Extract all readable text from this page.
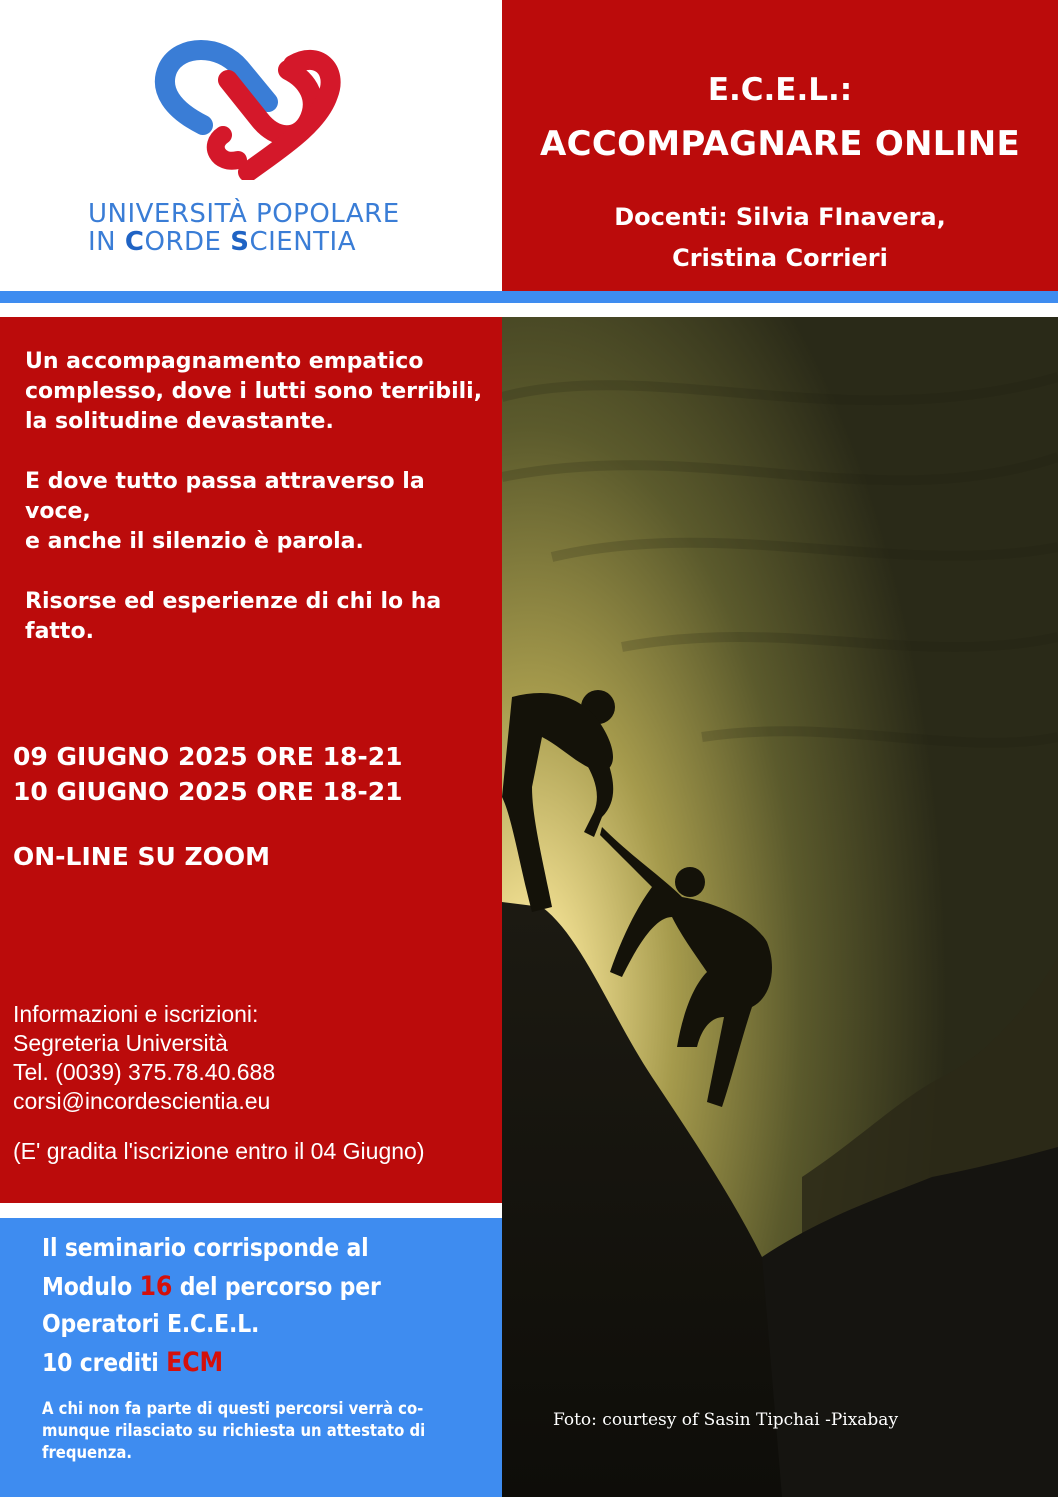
UNIVERSITÀ POPOLARE
IN CORDE SCIENTIA
E.C.E.L.:
ACCOMPAGNARE ONLINE
Docenti: Silvia FInavera,
Cristina Corrieri
Un accompagnamento empatico
complesso, dove i lutti sono terribili,
la solitudine devastante.
E dove tutto passa attraverso la
voce,
e anche il silenzio è parola.
Risorse ed esperienze di chi lo ha
fatto.
09 GIUGNO 2025 ORE 18-21
10 GIUGNO 2025 ORE 18-21
ON-LINE SU ZOOM
Informazioni e iscrizioni:
Segreteria Università
Tel. (0039) 375.78.40.688
corsi@incordescientia.eu
(E' gradita l'iscrizione entro il 04 Giugno)
Il seminario corrisponde al
Modulo 16 del percorso per
Operatori E.C.E.L.
10 crediti ECM
A chi non fa parte di questi percorsi verrà co-
munque rilasciato su richiesta un attestato di
frequenza.
Foto: courtesy of Sasin Tipchai -Pixabay
